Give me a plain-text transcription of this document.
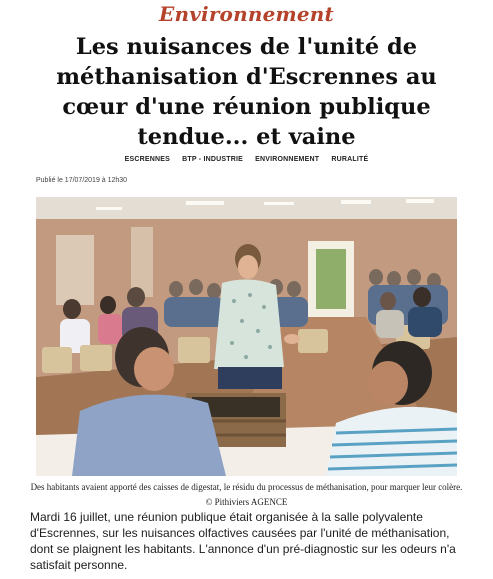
Environnement
Les nuisances de l'unité de méthanisation d'Escrennes au cœur d'une réunion publique tendue... et vaine
ESCRENNES BTP - INDUSTRIE ENVIRONNEMENT RURALITÉ
Publié le 17/07/2019 à 12h30
Des habitants avaient apporté des caisses de digestat, le résidu du processus de méthanisation, pour marquer leur colère. © Pithiviers AGENCE

Mardi 16 juillet, une réunion publique était organisée à la salle polyvalente d'Escrennes, sur les nuisances olfactives causées par l'unité de méthanisation, dont se plaignent les habitants. L'annonce d'un pré-diagnostic sur les odeurs n'a satisfait personne.
